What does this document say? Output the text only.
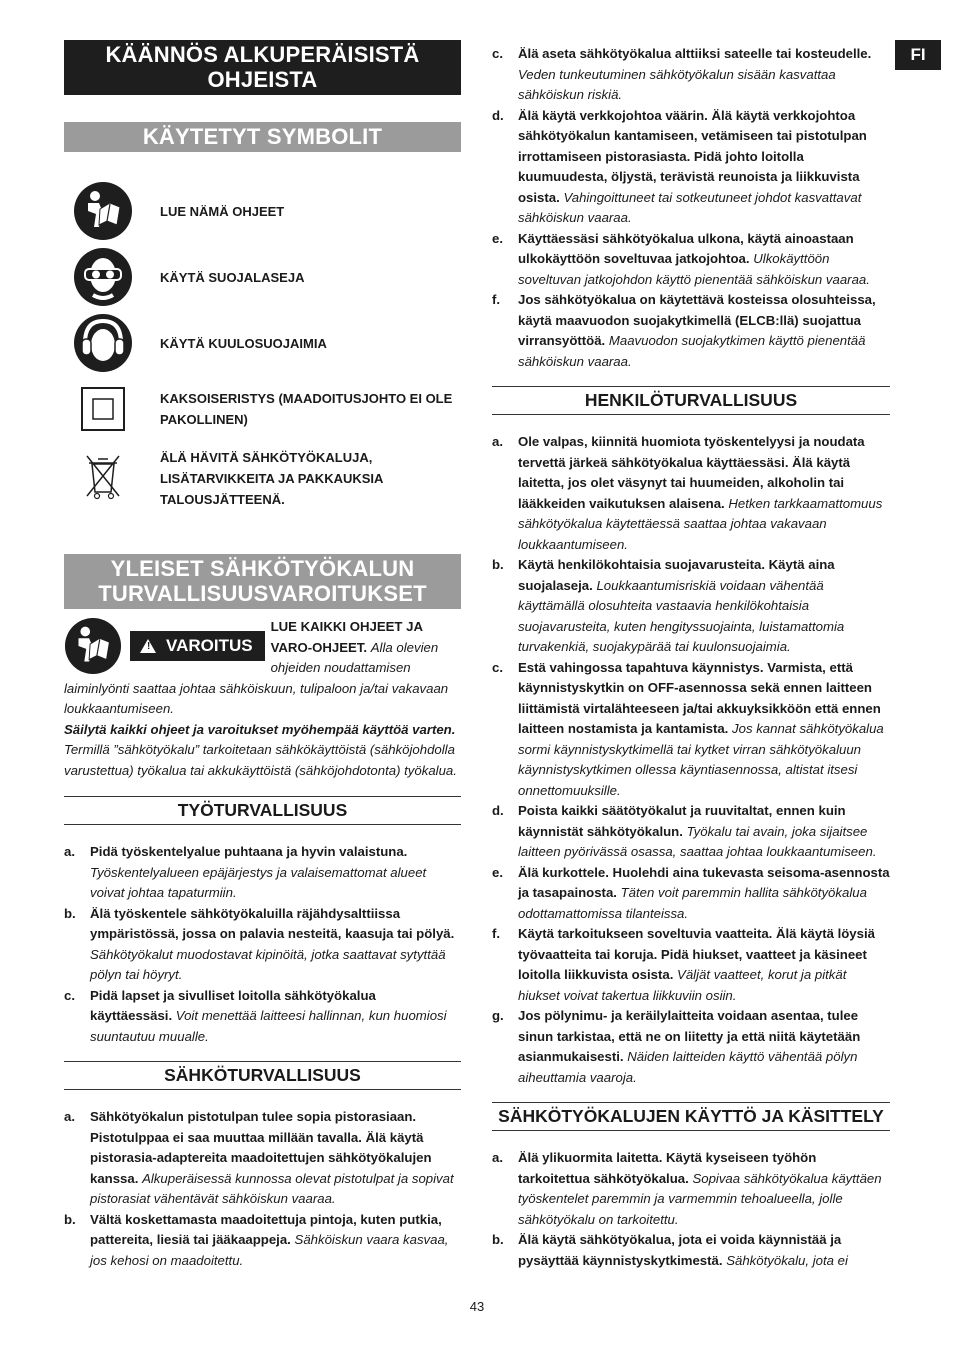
FI
KÄÄNNÖS ALKUPERÄISISTÄ OHJEISTA
KÄYTETYT SYMBOLIT
LUE NÄMÄ OHJEET
KÄYTÄ SUOJALASEJA
KÄYTÄ KUULOSUOJAIMIA
KAKSOISERISTYS (MAADOITUSJOHTO EI OLE PAKOLLINEN)
ÄLÄ HÄVITÄ SÄHKÖTYÖKALUJA, LISÄTARVIKKEITA JA PAKKAUKSIA TALOUSJÄTTEENÄ.
YLEISET SÄHKÖTYÖKALUN TURVALLISUUSVAROITUKSET
! VAROITUS
LUE KAIKKI OHJEET JA VARO-OHJEET. Alla olevien ohjeiden noudattamisen laiminlyönti saattaa johtaa sähköiskuun, tulipaloon ja/tai vakavaan loukkaantumiseen.
Säilytä kaikki ohjeet ja varoitukset myöhempää käyttöä varten.
Termillä ”sähkötyökalu” tarkoitetaan sähkökäyttöistä (sähköjohdolla varustettua) työkalua tai akkukäyttöistä (sähköjohdotonta) työkalua.
TYÖTURVALLISUUS
a.	Pidä työskentelyalue puhtaana ja hyvin valaistuna. Työskentelyalueen epäjärjestys ja valaisemattomat alueet voivat johtaa tapaturmiin.
b.	Älä työskentele sähkötyökaluilla räjähdysalttiissa ympäristössä, jossa on palavia nesteitä, kaasuja tai pölyä. Sähkötyökalut muodostavat kipinöitä, jotka saattavat sytyttää pölyn tai höyryt.
c.	Pidä lapset ja sivulliset loitolla sähkötyökalua käyttäessäsi. Voit menettää laitteesi hallinnan, kun huomiosi suuntautuu muualle.
SÄHKÖTURVALLISUUS
a.	Sähkötyökalun pistotulpan tulee sopia pistorasiaan. Pistotulppaa ei saa muuttaa millään tavalla. Älä käytä pistorasia-adaptereita maadoitettujen sähkötyökalujen kanssa. Alkuperäisessä kunnossa olevat pistotulpat ja sopivat pistorasiat vähentävät sähköiskun vaaraa.
b.	Vältä koskettamasta maadoitettuja pintoja, kuten putkia, pattereita, liesiä tai jääkaappeja. Sähköiskun vaara kasvaa, jos kehosi on maadoitettu.
c.	Älä aseta sähkötyökalua alttiiksi sateelle tai kosteudelle. Veden tunkeutuminen sähkötyökalun sisään kasvattaa sähköiskun riskiä.
d.	Älä käytä verkkojohtoa väärin. Älä käytä verkkojohtoa sähkötyökalun kantamiseen, vetämiseen tai pistotulpan irrottamiseen pistorasiasta. Pidä johto loitolla kuumuudesta, öljystä, terävistä reunoista ja liikkuvista osista. Vahingoittuneet tai sotkeutuneet johdot kasvattavat sähköiskun vaaraa.
e.	Käyttäessäsi sähkötyökalua ulkona, käytä ainoastaan ulkokäyttöön soveltuvaa jatkojohtoa. Ulkokäyttöön soveltuvan jatkojohdon käyttö pienentää sähköiskun vaaraa.
f.	Jos sähkötyökalua on käytettävä kosteissa olosuhteissa, käytä maavuodon suojakytkimellä (ELCB:llä) suojattua virransyöttöä. Maavuodon suojakytkimen käyttö pienentää sähköiskun vaaraa.
HENKILÖTURVALLISUUS
a.	Ole valpas, kiinnitä huomiota työskentelyysi ja noudata tervettä järkeä sähkötyökalua käyttäessäsi. Älä käytä laitetta, jos olet väsynyt tai huumeiden, alkoholin tai lääkkeiden vaikutuksen alaisena. Hetken tarkkaamattomuus sähkötyökalua käytettäessä saattaa johtaa vakavaan loukkaantumiseen.
b.	Käytä henkilökohtaisia suojavarusteita. Käytä aina suojalaseja. Loukkaantumisriskiä voidaan vähentää käyttämällä olosuhteita vastaavia henkilökohtaisia suojavarusteita, kuten hengityssuojainta, luistamattomia turvakenkiä, suojakypärää tai kuulonsuojaimia.
c.	Estä vahingossa tapahtuva käynnistys. Varmista, että käynnistyskytkin on OFF-asennossa sekä ennen laitteen liittämistä virtalähteeseen ja/tai akkuyksikköön että ennen laitteen nostamista ja kantamista. Jos kannat sähkötyökalua sormi käynnistyskytkimellä tai kytket virran sähkötyökaluun käynnistyskytkimen ollessa käyntiasennossa, altistat itsesi onnettomuuksille.
d.	Poista kaikki säätötyökalut ja ruuvitaltat, ennen kuin käynnistät sähkötyökalun. Työkalu tai avain, joka sijaitsee laitteen pyörivässä osassa, saattaa johtaa loukkaantumiseen.
e.	Älä kurkottele. Huolehdi aina tukevasta seisoma-asennosta ja tasapainosta. Täten voit paremmin hallita sähkötyökalua odottamattomissa tilanteissa.
f.	Käytä tarkoitukseen soveltuvia vaatteita. Älä käytä löysiä työvaatteita tai koruja. Pidä hiukset, vaatteet ja käsineet loitolla liikkuvista osista. Väljät vaatteet, korut ja pitkät hiukset voivat takertua liikkuviin osiin.
g.	Jos pölynimu- ja keräilylaitteita voidaan asentaa, tulee sinun tarkistaa, että ne on liitetty ja että niitä käytetään asianmukaisesti. Näiden laitteiden käyttö vähentää pölyn aiheuttamia vaaroja.
SÄHKÖTYÖKALUJEN KÄYTTÖ JA KÄSITTELY
a.	Älä ylikuormita laitetta. Käytä kyseiseen työhön tarkoitettua sähkötyökalua. Sopivaa sähkötyökalua käyttäen työskentelet paremmin ja varmemmin tehoalueella, jolle sähkötyökalu on tarkoitettu.
b.	Älä käytä sähkötyökalua, jota ei voida käynnistää ja pysäyttää käynnistyskytkimestä. Sähkötyökalu, jota ei
43
